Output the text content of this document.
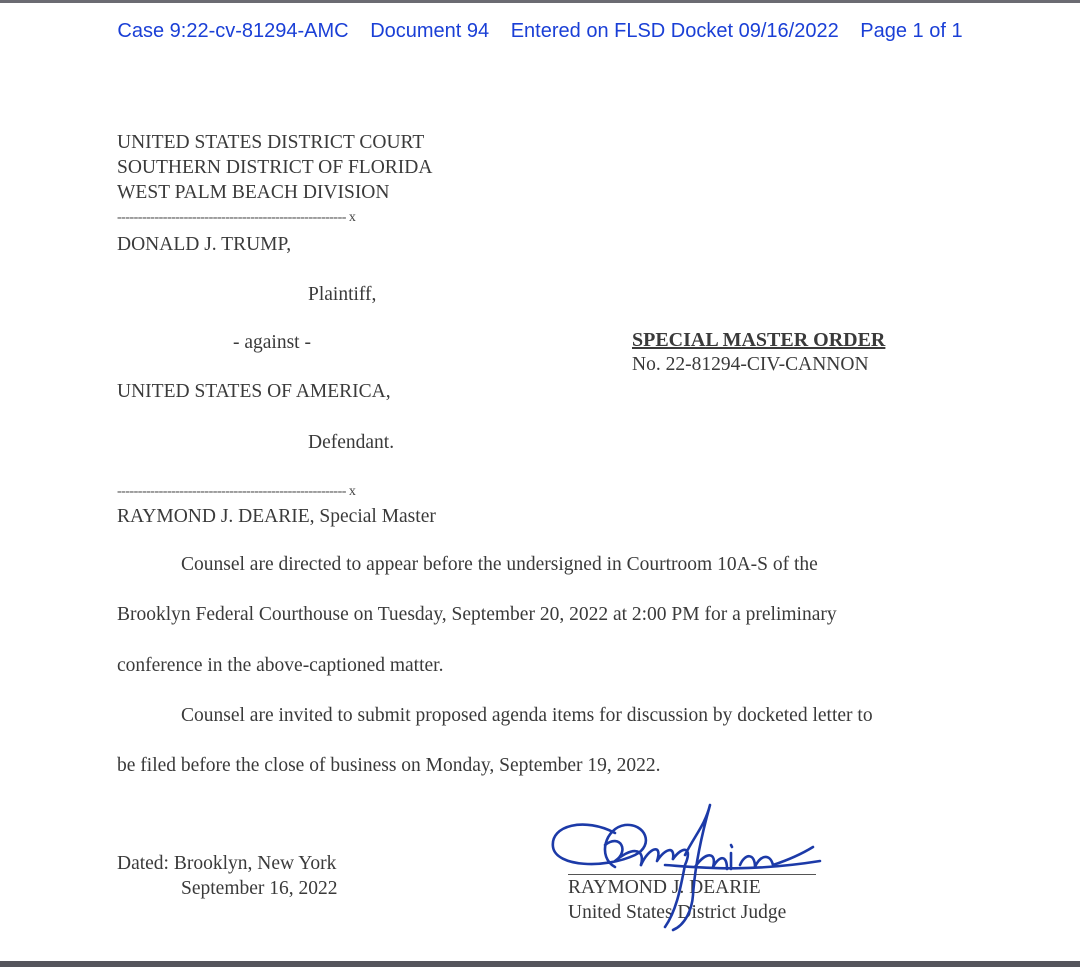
Case 9:22-cv-81294-AMC Document 94 Entered on FLSD Docket 09/16/2022 Page 1 of 1
UNITED STATES DISTRICT COURT
SOUTHERN DISTRICT OF FLORIDA
WEST PALM BEACH DIVISION
------------------------------------------------------- x
DONALD J. TRUMP,
Plaintiff,
- against -	SPECIAL MASTER ORDER
No. 22-81294-CIV-CANNON
UNITED STATES OF AMERICA,
Defendant.
------------------------------------------------------- x
RAYMOND J. DEARIE, Special Master
Counsel are directed to appear before the undersigned in Courtroom 10A-S of the
Brooklyn Federal Courthouse on Tuesday, September 20, 2022 at 2:00 PM for a preliminary
conference in the above-captioned matter.
Counsel are invited to submit proposed agenda items for discussion by docketed letter to
be filed before the close of business on Monday, September 19, 2022.
Dated: Brooklyn, New York
September 16, 2022	RAYMOND J. DEARIE
United States District Judge
